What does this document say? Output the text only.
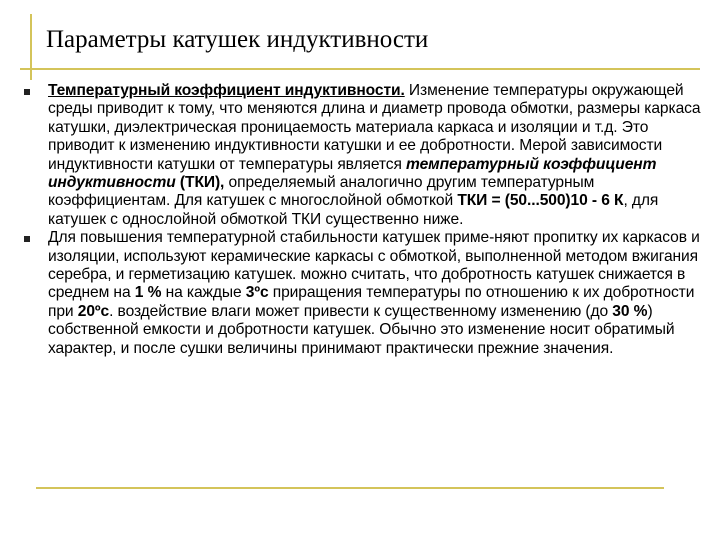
Параметры катушек индуктивности
Температурный коэффициент индуктивности. Изменение температуры окружающей среды приводит к тому, что меняются длина и диаметр провода обмотки, размеры каркаса катушки, диэлектрическая проницаемость материала каркаса и изоляции и т.д. Это приводит к изменению индуктивности катушки и ее добротности. Мерой зависимости индуктивности катушки от температуры является температурный коэффициент индуктивности (ТКИ), определяемый аналогично другим температурным коэффициентам. Для катушек с многослойной обмоткой ТКИ = (50...500)10 - 6 К, для катушек с однослойной обмоткой ТКИ существенно ниже.
Для повышения температурной стабильности катушек приме-няют пропитку их каркасов и изоляции, используют керамические каркасы с обмоткой, выполненной методом вжигания серебра, и герметизацию катушек. можно считать, что добротность катушек снижается в среднем на 1 % на каждые 3ºс приращения температуры по отношению к их добротности при 20ºс. воздействие влаги может привести к существенному изменению (до 30 %) собственной емкости и добротности катушек. Обычно это изменение носит обратимый характер, и после сушки величины принимают практически прежние значения.
